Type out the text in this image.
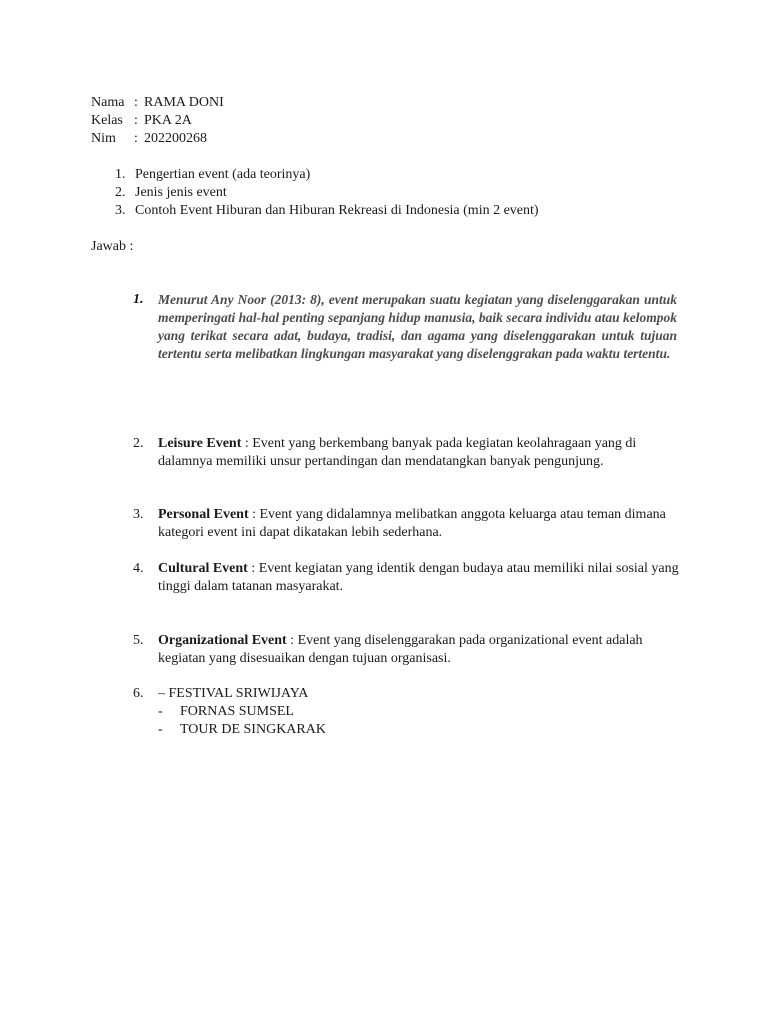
Nama : RAMA DONI
Kelas : PKA 2A
Nim : 202200268
1. Pengertian event (ada teorinya)
2. Jenis jenis event
3. Contoh Event Hiburan dan Hiburan Rekreasi di Indonesia (min 2 event)
Jawab :
1. Menurut Any Noor (2013: 8), event merupakan suatu kegiatan yang diselenggarakan untuk memperingati hal-hal penting sepanjang hidup manusia, baik secara individu atau kelompok yang terikat secara adat, budaya, tradisi, dan agama yang diselenggarakan untuk tujuan tertentu serta melibatkan lingkungan masyarakat yang diselenggrakan pada waktu tertentu.
2. Leisure Event : Event yang berkembang banyak pada kegiatan keolahragaan yang di dalamnya memiliki unsur pertandingan dan mendatangkan banyak pengunjung.
3. Personal Event : Event yang didalamnya melibatkan anggota keluarga atau teman dimana kategori event ini dapat dikatakan lebih sederhana.
4. Cultural Event : Event kegiatan yang identik dengan budaya atau memiliki nilai sosial yang tinggi dalam tatanan masyarakat.
5. Organizational Event : Event yang diselenggarakan pada organizational event adalah kegiatan yang disesuaikan dengan tujuan organisasi.
6. – FESTIVAL SRIWIJAYA
- FORNAS SUMSEL
- TOUR DE SINGKARAK
